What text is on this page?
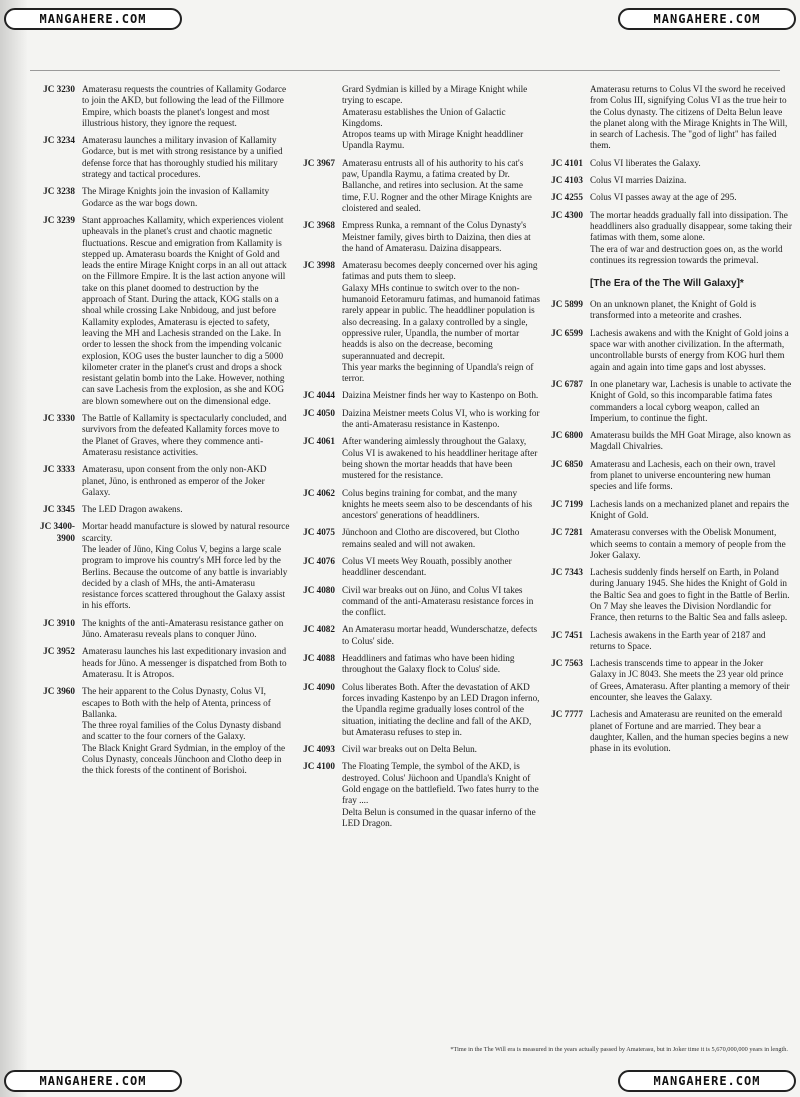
MANGAHERE.COM	MANGAHERE.COM
MANGAHERE.COM	MANGAHERE.COM
JC 3230 Amaterasu requests the countries of Kallamity Godarce to join the AKD, but following the lead of the Fillmore Empire, which boasts the planet's longest and most illustrious history, they ignore the request.
JC 3234 Amaterasu launches a military invasion of Kallamity Godarce, but is met with strong resistance by a unified defense force that has thoroughly studied his military strategy and tactical procedures.
JC 3238 The Mirage Knights join the invasion of Kallamity Godarce as the war bogs down.
JC 3239 Stant approaches Kallamity, which experiences violent upheavals in the planet's crust and chaotic magnetic fluctuations. Rescue and emigration from Kallamity is stepped up. Amaterasu boards the Knight of Gold and leads the entire Mirage Knight corps in an all out attack on the Fillmore Empire. It is the last action anyone will take on this planet doomed to destruction by the approach of Stant. During the attack, KOG stalls on a shoal while crossing Lake Nnbidoug, and just before Kallamity explodes, Amaterasu is ejected to safety, leaving the MH and Lachesis stranded on the Lake. In order to lessen the shock from the impending volcanic explosion, KOG uses the buster launcher to dig a 5000 kilometer crater in the planet's crust and drops a shock resistant gelatin bomb into the Lake. However, nothing can save Lachesis from the explosion, as she and KOG are blown somewhere out on the dimensional edge.
JC 3330 The Battle of Kallamity is spectacularly concluded, and survivors from the defeated Kallamity forces move to the Planet of Graves, where they commence anti-Amaterasu resistance activities.
JC 3333 Amaterasu, upon consent from the only non-AKD planet, Jüno, is enthroned as emperor of the Joker Galaxy.
JC 3345 The LED Dragon awakens.
JC 3400-3900
Mortar headd manufacture is slowed by natural resource scarcity.
The leader of Jüno, King Colus V, begins a large scale program to improve his country's MH force led by the Berlins. Because the outcome of any battle is invariably decided by a clash of MHs, the anti-Amaterasu resistance forces scattered throughout the Galaxy assist in his efforts.
JC 3910 The knights of the anti-Amaterasu resistance gather on Jüno. Amaterasu reveals plans to conquer Jüno.
JC 3952 Amaterasu launches his last expeditionary invasion and heads for Jüno. A messenger is dispatched from Both to Amaterasu. It is Atropos.
JC 3960 The heir apparent to the Colus Dynasty, Colus VI, escapes to Both with the help of Atenta, princess of Ballanka.
The three royal families of the Colus Dynasty disband and scatter to the four corners of the Galaxy.
The Black Knight Grard Sydmian, in the employ of the Colus Dynasty, conceals Jünchoon and Clotho deep in the thick forests of the continent of Borishoi.
Grard Sydmian is killed by a Mirage Knight while trying to escape.
Amaterasu establishes the Union of Galactic Kingdoms.
Atropos teams up with Mirage Knight headdliner Upandla Raymu.
JC 3967 Amaterasu entrusts all of his authority to his cat's paw, Upandla Raymu, a fatima created by Dr. Ballanche, and retires into seclusion. At the same time, F.U. Rogner and the other Mirage Knights are cloistered and sealed.
JC 3968 Empress Runka, a remnant of the Colus Dynasty's Meistner family, gives birth to Daizina, then dies at the hand of Amaterasu. Daizina disappears.
JC 3998 Amaterasu becomes deeply concerned over his aging fatimas and puts them to sleep.
Galaxy MHs continue to switch over to the non-humanoid Eetoramuru fatimas, and humanoid fatimas rarely appear in public. The headdliner population is also decreasing. In a galaxy controlled by a single, oppressive ruler, Upandla, the number of mortar headds is also on the decrease, becoming superannuated and decrepit.
This year marks the beginning of Upandla's reign of terror.
JC 4044 Daizina Meistner finds her way to Kastenpo on Both.
JC 4050 Daizina Meistner meets Colus VI, who is working for the anti-Amaterasu resistance in Kastenpo.
JC 4061 After wandering aimlessly throughout the Galaxy, Colus VI is awakened to his headdliner heritage after being shown the mortar headds that have been mustered for the resistance.
JC 4062 Colus begins training for combat, and the many knights he meets seem also to be descendants of his ancestors' generations of headdliners.
JC 4075 Jünchoon and Clotho are discovered, but Clotho remains sealed and will not awaken.
JC 4076 Colus VI meets Wey Rouath, possibly another headdliner descendant.
JC 4080 Civil war breaks out on Jüno, and Colus VI takes command of the anti-Amaterasu resistance forces in the conflict.
JC 4082 An Amaterasu mortar headd, Wunderschatze, defects to Colus' side.
JC 4088 Headdliners and fatimas who have been hiding throughout the Galaxy flock to Colus' side.
JC 4090 Colus liberates Both. After the devastation of AKD forces invading Kastenpo by an LED Dragon inferno, the Upandla regime gradually loses control of the situation, initiating the decline and fall of the AKD, but Amaterasu refuses to step in.
JC 4093 Civil war breaks out on Delta Belun.
JC 4100 The Floating Temple, the symbol of the AKD, is destroyed. Colus' Jüchoon and Upandla's Knight of Gold engage on the battlefield. Two fates hurry to the fray ....
Delta Belun is consumed in the quasar inferno of the LED Dragon.
Amaterasu returns to Colus VI the sword he received from Colus III, signifying Colus VI as the true heir to the Colus dynasty. The citizens of Delta Belun leave the planet along with the Mirage Knights in The Will, in search of Lachesis. The "god of light" has failed them.
JC 4101 Colus VI liberates the Galaxy.
JC 4103 Colus VI marries Daizina.
JC 4255 Colus VI passes away at the age of 295.
JC 4300 The mortar headds gradually fall into dissipation. The headdliners also gradually disappear, some taking their fatimas with them, some alone.
The era of war and destruction goes on, as the world continues its regression towards the primeval.
[The Era of the The Will Galaxy]*
JC 5899 On an unknown planet, the Knight of Gold is transformed into a meteorite and crashes.
JC 6599 Lachesis awakens and with the Knight of Gold joins a space war with another civilization. In the aftermath, uncontrollable bursts of energy from KOG hurl them again and again into time gaps and lost abysses.
JC 6787 In one planetary war, Lachesis is unable to activate the Knight of Gold, so this incomparable fatima fates commanders a local cyborg weapon, called an Imperium, to continue the fight.
JC 6800 Amaterasu builds the MH Goat Mirage, also known as Magdall Chivalries.
JC 6850 Amaterasu and Lachesis, each on their own, travel from planet to universe encountering new human species and life forms.
JC 7199 Lachesis lands on a mechanized planet and repairs the Knight of Gold.
JC 7281 Amaterasu converses with the Obelisk Monument, which seems to contain a memory of people from the Joker Galaxy.
JC 7343 Lachesis suddenly finds herself on Earth, in Poland during January 1945. She hides the Knight of Gold in the Baltic Sea and goes to fight in the Battle of Berlin. On 7 May she leaves the Division Nordlandic for France, then returns to the Baltic Sea and falls asleep.
JC 7451 Lachesis awakens in the Earth year of 2187 and returns to Space.
JC 7563 Lachesis transcends time to appear in the Joker Galaxy in JC 8043. She meets the 23 year old prince of Grees, Amaterasu. After planting a memory of their encounter, she leaves the Galaxy.
JC 7777 Lachesis and Amaterasu are reunited on the emerald planet of Fortune and are married. They bear a daughter, Kallen, and the human species begins a new phase in its evolution.
*Time in the The Will era is measured in the years actually passed by Amaterasu, but in Joker time it is 5,670,000,000 years in length.
